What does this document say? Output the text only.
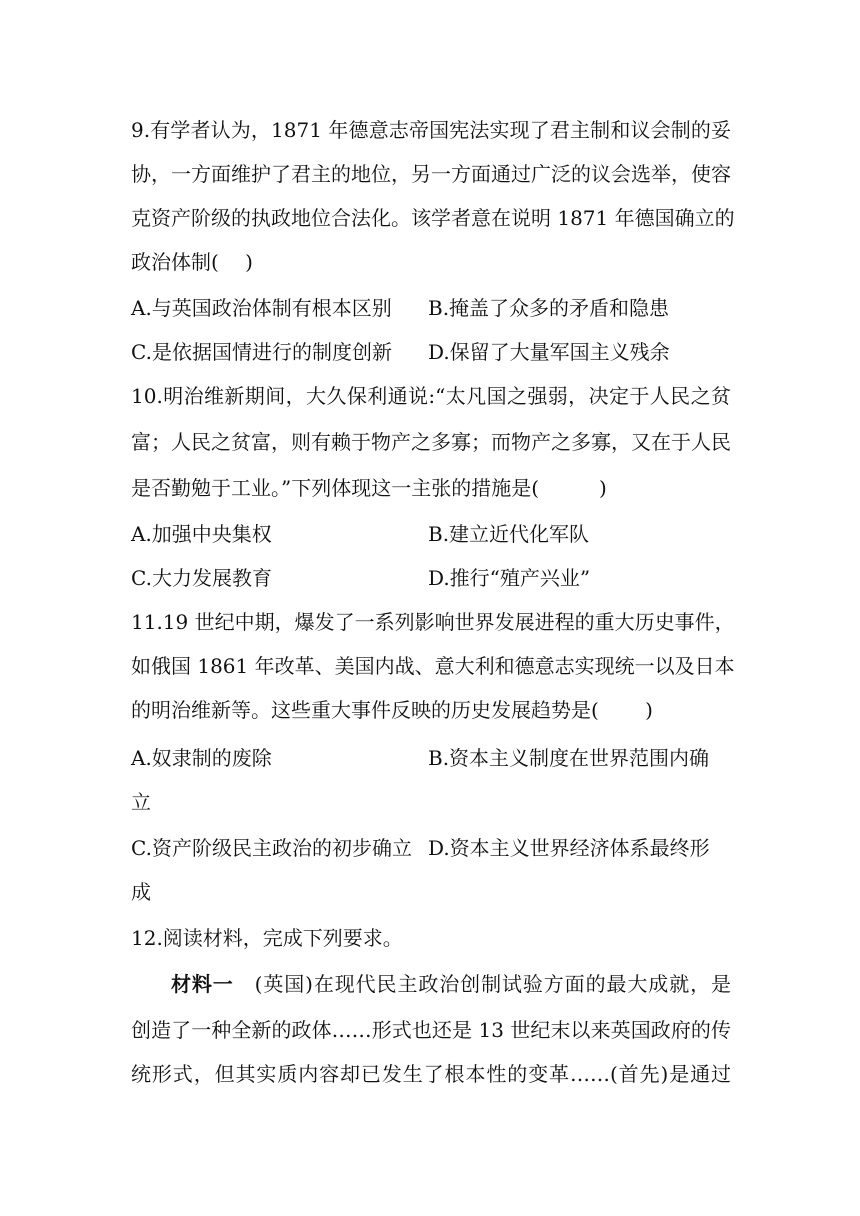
9.有学者认为，1871 年德意志帝国宪法实现了君主制和议会制的妥
协，一方面维护了君主的地位，另一方面通过广泛的议会选举，使容
克资产阶级的执政地位合法化。该学者意在说明 1871 年德国确立的
政治体制(　 )
A.与英国政治体制有根本区别 B.掩盖了众多的矛盾和隐患
C.是依据国情进行的制度创新 D.保留了大量军国主义残余
10.明治维新期间，大久保利通说:“太凡国之强弱，决定于人民之贫
富；人民之贫富，则有赖于物产之多寡；而物产之多寡，又在于人民
是否勤勉于工业。”下列体现这一主张的措施是(　　　)
A.加强中央集权	B.建立近代化军队
C.大力发展教育	D.推行“殖产兴业”
11.19 世纪中期，爆发了一系列影响世界发展进程的重大历史事件，
如俄国 1861 年改革、美国内战、意大利和德意志实现统一以及日本
的明治维新等。这些重大事件反映的历史发展趋势是(　　 )
A.奴隶制的废除	B.资本主义制度在世界范围内确
立
C.资产阶级民主政治的初步确立 D.资本主义世界经济体系最终形
成
12.阅读材料，完成下列要求。
材料一　(英国)在现代民主政治创制试验方面的最大成就，是
创造了一种全新的政体……形式也还是 13 世纪末以来英国政府的传
统形式，但其实质内容却已发生了根本性的变革……(首先)是通过
